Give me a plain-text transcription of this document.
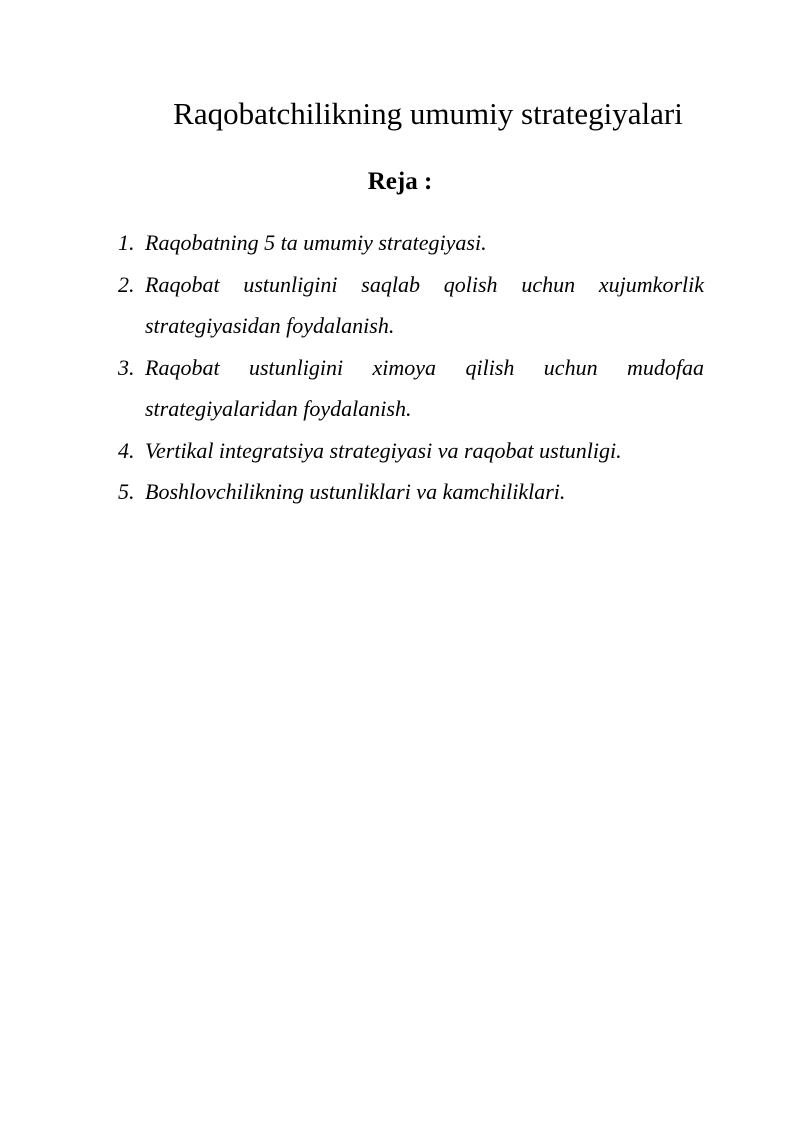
Raqobatchilikning umumiy strategiyalari
Reja :
1. Raqobatning 5 ta umumiy strategiyasi.
2. Raqobat ustunligini saqlab qolish uchun xujumkorlik strategiyasidan foydalanish.
3. Raqobat ustunligini ximoya qilish uchun mudofaa strategiyalaridan foydalanish.
4. Vertikal integratsiya strategiyasi va raqobat ustunligi.
5. Boshlovchilikning ustunliklari va kamchiliklari.
